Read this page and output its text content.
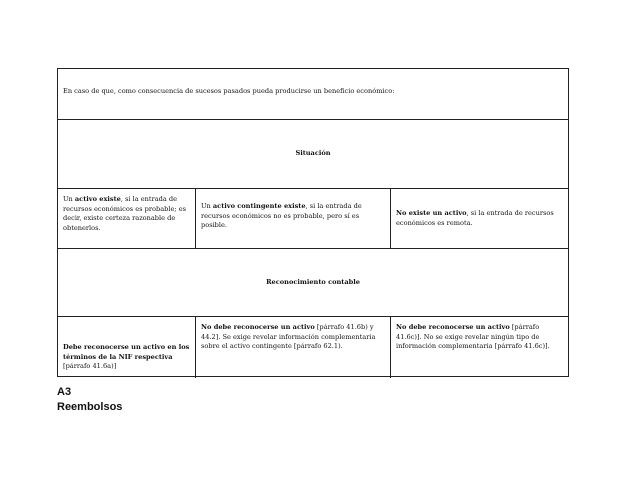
En caso de que, como consecuencia de sucesos pasados pueda producirse un beneficio económico:
Situación
Un activo existe, si la entrada de recursos económicos es probable; es decir, existe certeza razonable de obtenerlos.
Un activo contingente existe, si la entrada de recursos económicos no es probable, pero sí es posible.
No existe un activo, si la entrada de recursos económicos es remota.
Reconocimiento contable
Debe reconocerse un activo en los términos de la NIF respectiva [párrafo 41.6a)]
No debe reconocerse un activo [párrafo 41.6b) y 44.2]. Se exige revelar información complementaria sobre el activo contingente [párrafo 62.1).
No debe reconocerse un activo [párrafo 41.6c)]. No se exige revelar ningún tipo de información complementaria [párrafo 41.6c)].
A3
Reembolsos
